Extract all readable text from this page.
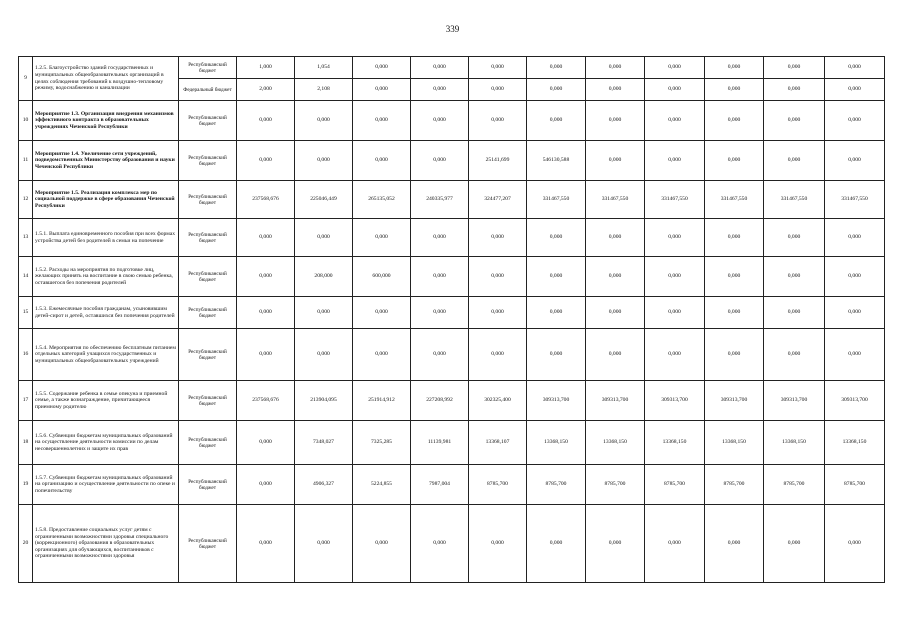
339
9	1.2.5. Благоустройство зданий государственных и муниципальных общеобразовательных организаций в целях соблюдения требований к воздушно-тепловому режиму, водоснабжению и канализации	Республиканский бюджет	1,000	1,054	0,000	0,000	0,000	0,000	0,000	0,000	0,000	0,000	0,000
		Федеральный бюджет	2,000	2,108	0,000	0,000	0,000	0,000	0,000	0,000	0,000	0,000	0,000
10	Мероприятие 1.3. Организация внедрения механизмов эффективного контракта в образовательных учреждениях Чеченской Республики	Республиканский бюджет	0,000	0,000	0,000	0,000	0,000	0,000	0,000	0,000	0,000	0,000	0,000
11	Мероприятие 1.4. Увеличение сети учреждений, подведомственных Министерству образования и науки Чеченской Республики	Республиканский бюджет	0,000	0,000	0,000	0,000	25141,699	546130,588	0,000	0,000	0,000	0,000	0,000
12	Мероприятие 1.5. Реализация комплекса мер по социальной поддержке в сфере образования Чеченской Республики	Республиканский бюджет	237568,676	225046,449	265135,052	240335,977	324477,207	331467,550	331467,550	331467,550	331467,550	331467,550	331467,550
13	1.5.1. Выплата единовременного пособия при всех формах устройства детей без родителей в семьи на попечение	Республиканский бюджет	0,000	0,000	0,000	0,000	0,000	0,000	0,000	0,000	0,000	0,000	0,000
14	1.5.2. Расходы на мероприятия по подготовке лиц, желающих принять на воспитание в свою семью ребенка, оставшегося без попечения родителей	Республиканский бюджет	0,000	208,000	600,000	0,000	0,000	0,000	0,000	0,000	0,000	0,000	0,000
15	1.5.3. Ежемесячные пособия гражданам, усыновившим детей-сирот и детей, оставшихся без попечения родителей	Республиканский бюджет	0,000	0,000	0,000	0,000	0,000	0,000	0,000	0,000	0,000	0,000	0,000
16	1.5.4. Мероприятия по обеспечению бесплатным питанием отдельных категорий учащихся государственных и муниципальных общеобразовательных учреждений	Республиканский бюджет	0,000	0,000	0,000	0,000	0,000	0,000	0,000	0,000	0,000	0,000	0,000
17	1.5.5. Содержание ребенка в семье опекуна и приемной семье, а также вознаграждение, причитающееся приемному родителю	Республиканский бюджет	237568,676	213904,095	251914,912	227208,992	302325,400	309313,700	309313,700	309313,700	309313,700	309313,700	309313,700
18	1.5.6. Субвенции бюджетам муниципальных образований на осуществление деятельности комиссии по делам несовершеннолетних и защите их прав	Республиканский бюджет	0,000	7348,027	7325,285	11139,981	13368,107	13368,150	13368,150	13368,150	13368,150	13368,150	13368,150
19	1.5.7. Субвенции бюджетам муниципальных образований на организацию и осуществление деятельности по опеке и попечительству	Республиканский бюджет	0,000	4906,327	5224,855	7987,004	8785,700	8785,700	8785,700	8785,700	8785,700	8785,700	8785,700
20	1.5.8. Предоставление социальных услуг детям с ограниченными возможностями здоровья специального (коррекционного) образования в образовательных организациях для обучающихся, воспитанников с ограниченными возможностями здоровья	Республиканский бюджет	0,000	0,000	0,000	0,000	0,000	0,000	0,000	0,000	0,000	0,000	0,000
